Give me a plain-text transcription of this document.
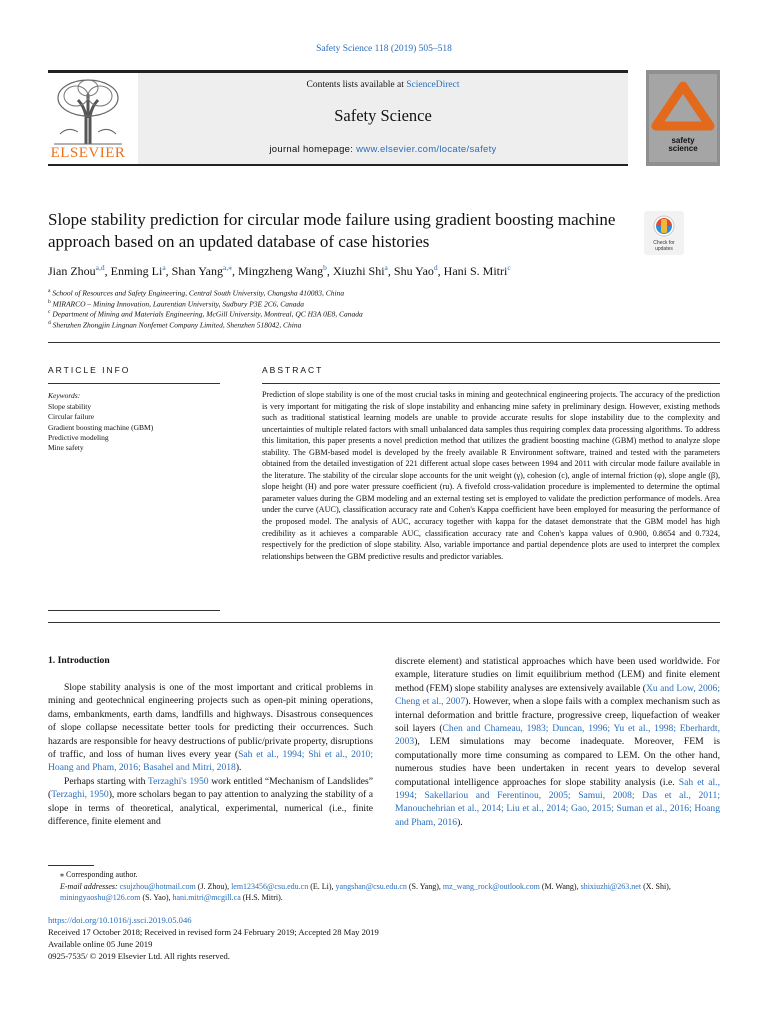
Safety Science 118 (2019) 505–518
ELSEVIER
Contents lists available at ScienceDirect
Safety Science
journal homepage: www.elsevier.com/locate/safety
safety
science
Slope stability prediction for circular mode failure using gradient boosting machine approach based on an updated database of case histories	Check for
updates
Jian Zhou$^{a,d}$, Enming Li$^a$, Shan Yang$^{a,⁎}$, Mingzheng Wang$^b$, Xiuzhi Shi$^a$, Shu Yao$^d$, Hani S. Mitri$^c$
$^a$ School of Resources and Safety Engineering, Central South University, Changsha 410083, China
$^b$ MIRARCO – Mining Innovation, Laurentian University, Sudbury P3E 2C6, Canada
$^c$ Department of Mining and Materials Engineering, McGill University, Montreal, QC H3A 0E8, Canada
$^d$ Shenzhen Zhongjin Lingnan Nonfemet Company Limited, Shenzhen 518042, China
ARTICLE INFO	ABSTRACT
Keywords:
Slope stability
Circular failure
Gradient boosting machine (GBM)
Predictive modeling
Mine safety
Prediction of slope stability is one of the most crucial tasks in mining and geotechnical engineering projects. The accuracy of the prediction is very important for mitigating the risk of slope instability and enhancing mine safety in preliminary design. However, existing methods such as traditional statistical learning models are unable to provide accurate results for slope instability due to the complexity and uncertainties of multiple related factors with small unbalanced data samples thus requiring complex data processing algorithms. To address this limitation, this paper presents a novel prediction method that utilizes the gradient boosting machine (GBM) method to analyze slope stability. The GBM-based model is developed by the freely available R Environment software, trained and tested with the parameters obtained from the detailed investigation of 221 different actual slope cases between 1994 and 2011 with circular mode failure available in the literature. The stability of the circular slope accounts for the unit weight (γ), cohesion (c), angle of internal friction (φ), slope angle (β), slope height (H) and pore water pressure coefficient (ru). A fivefold cross-validation procedure is implemented to determine the optimal parameter values during the GBM modeling and an external testing set is employed to validate the prediction performance of models. Area under the curve (AUC), classification accuracy rate and Cohen's Kappa coefficient have been employed for measuring the performance of the proposed model. The analysis of AUC, accuracy together with kappa for the dataset demonstrate that the GBM model has high credibility as it achieves a comparable AUC, classification accuracy rate and Cohen's kappa values of 0.900, 0.8654 and 0.7324, respectively for the prediction of slope stability. Also, variable importance and partial dependence plots are used to interpret the complex relationships between the GBM predictive results and predictor variables.
1. Introduction

Slope stability analysis is one of the most important and critical problems in mining and geotechnical engineering projects such as open-pit mining operations, dams, embankments, earth dams, landfills and highways. Disastrous consequences of slope collapse necessitate better tools for predicting their occurrences. Such hazards are responsible for heavy destructions of public/private property, disruptions of traffic, and loss of human lives every year (Sah et al., 1994; Shi et al., 2010; Hoang and Pham, 2016; Basahel and Mitri, 2018).

Perhaps starting with Terzaghi's 1950 work entitled “Mechanism of Landslides” (Terzaghi, 1950), more scholars began to pay attention to analyzing the stability of a slope in terms of theoretical, analytical, experimental, numerical (i.e., finite difference, finite element and

discrete element) and statistical approaches which have been used worldwide. For example, literature studies on limit equilibrium method (LEM) and finite element method (FEM) slope stability analyses are extensively available (Xu and Low, 2006; Cheng et al., 2007). However, when a slope fails with a complex mechanism such as internal deformation and brittle fracture, progressive creep, liquefaction of weaker soil layers (Chen and Chameau, 1983; Duncan, 1996; Yu et al., 1998; Eberhardt, 2003), LEM simulations may become inadequate. Moreover, FEM is computationally more time consuming as compared to LEM. On the other hand, numerous studies have been undertaken in recent years to develop several computational intelligence approaches for slope stability analysis (i.e. Sah et al., 1994; Sakellariou and Ferentinou, 2005; Samui, 2008; Das et al., 2011; Manouchehrian et al., 2014; Liu et al., 2014; Gao, 2015; Suman et al., 2016; Hoang and Pham, 2016).

⁎ Corresponding author.
E-mail addresses: csujzhou@hotmail.com (J. Zhou), lem123456@csu.edu.cn (E. Li), yangshan@csu.edu.cn (S. Yang), mz_wang_rock@outlook.com (M. Wang), shixiuzhi@263.net (X. Shi), miningyaoshu@126.com (S. Yao), hani.mitri@mcgill.ca (H.S. Mitri).
https://doi.org/10.1016/j.ssci.2019.05.046
Received 17 October 2018; Received in revised form 24 February 2019; Accepted 28 May 2019
Available online 05 June 2019
0925-7535/ © 2019 Elsevier Ltd. All rights reserved.
